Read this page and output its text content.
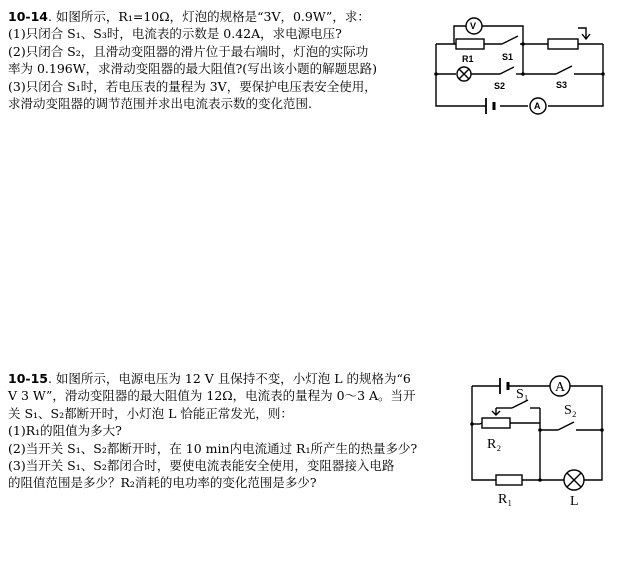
10-14. 如图所示，R₁=10Ω，灯泡的规格是“3V，0.9W”，求：
(1)只闭合 S₁、S₃时，电流表的示数是 0.42A，求电源电压?
(2)只闭合 S₂，且滑动变阻器的滑片位于最右端时，灯泡的实际功
率为 0.196W，求滑动变阻器的最大阻值?(写出该小题的解题思路)
(3)只闭合 S₁时，若电压表的量程为 3V，要保护电压表安全使用，
求滑动变阻器的调节范围并求出电流表示数的变化范围.	A
V
R1	S1
S2	S3
10-15. 如图所示，电源电压为 12 V 且保持不变，小灯泡 L 的规格为“6
V 3 W”，滑动变阻器的最大阻值为 12Ω，电流表的量程为 0～3 A。当开
关 S₁、S₂都断开时，小灯泡 L 恰能正常发光，则：
(1)R₁的阻值为多大?
(2)当开关 S₁、S₂都断开时，在 10 min内电流通过 R₁所产生的热量多少?
(3)当开关 S₁、S₂都闭合时，要使电流表能安全使用，变阻器接入电路
的阻值范围是多少？R₂消耗的电功率的变化范围是多少?
A
R₂
S₁
S₂
R₁	L
